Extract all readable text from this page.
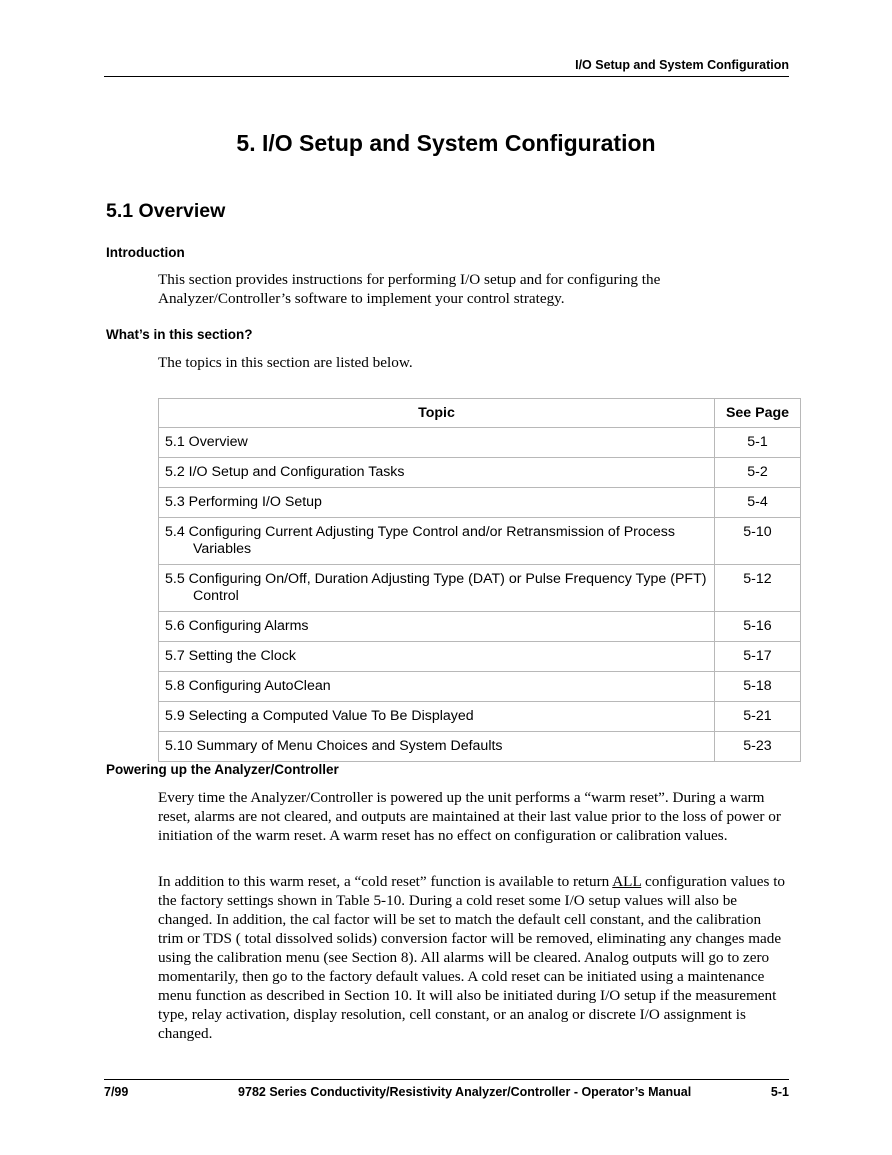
I/O Setup and System Configuration
5. I/O Setup and System Configuration
5.1 Overview
Introduction

This section provides instructions for performing I/O setup and for configuring the Analyzer/Controller’s software to implement your control strategy.

What’s in this section?

The topics in this section are listed below.

Topic	See Page

5.1 Overview	5-1

5.2 I/O Setup and Configuration Tasks	5-2

5.3 Performing I/O Setup	5-4

5.4 Configuring Current Adjusting Type Control and/or Retransmission of Process Variables	5-10

5.5 Configuring On/Off, Duration Adjusting Type (DAT) or Pulse Frequency Type (PFT) Control	5-12

5.6 Configuring Alarms	5-16

5.7 Setting the Clock	5-17

5.8 Configuring AutoClean	5-18

5.9 Selecting a Computed Value To Be Displayed	5-21

5.10 Summary of Menu Choices and System Defaults	5-23
Powering up the Analyzer/Controller

Every time the Analyzer/Controller is powered up the unit performs a “warm reset”. During a warm reset, alarms are not cleared, and outputs are maintained at their last value prior to the loss of power or initiation of the warm reset. A warm reset has no effect on configuration or calibration values.

In addition to this warm reset, a “cold reset” function is available to return ALL configuration values to the factory settings shown in Table 5-10. During a cold reset some I/O setup values will also be changed. In addition, the cal factor will be set to match the default cell constant, and the calibration trim or TDS ( total dissolved solids) conversion factor will be removed, eliminating any changes made using the calibration menu (see Section 8). All alarms will be cleared. Analog outputs will go to zero momentarily, then go to the factory default values. A cold reset can be initiated using a maintenance menu function as described in Section 10. It will also be initiated during I/O setup if the measurement type, relay activation, display resolution, cell constant, or an analog or discrete I/O assignment is changed.

7/99	9782 Series Conductivity/Resistivity Analyzer/Controller - Operator’s Manual	5-1
